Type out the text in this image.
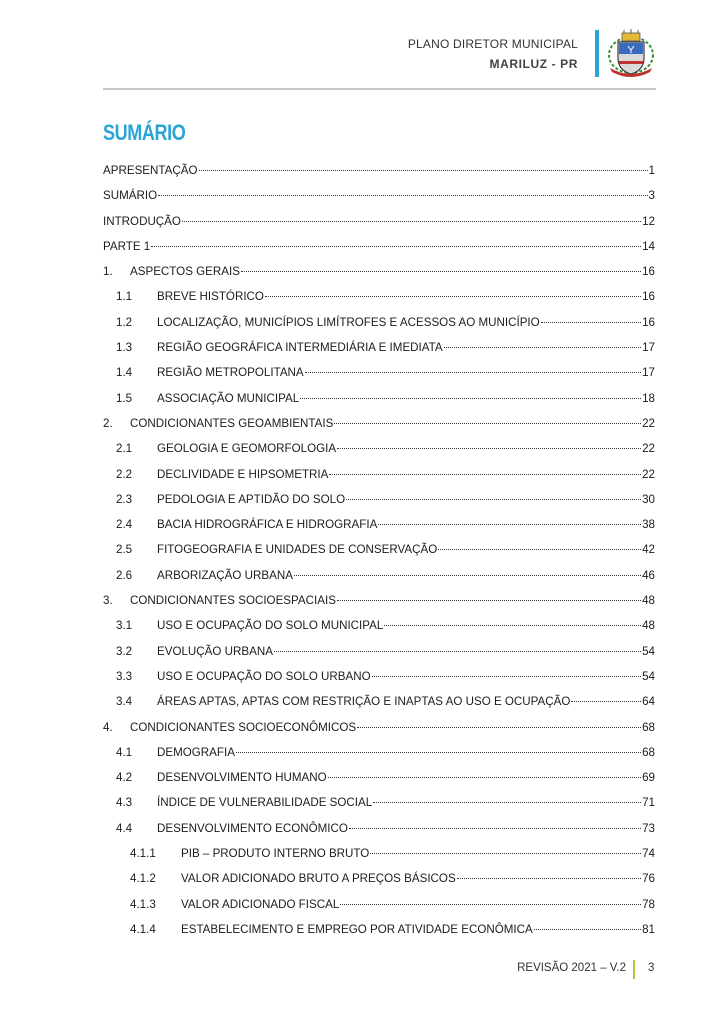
PLANO DIRETOR MUNICIPAL
MARILUZ - PR
SUMÁRIO
APRESENTAÇÃO	1
SUMÁRIO	3
INTRODUÇÃO	12
PARTE 1	14
1.	ASPECTOS GERAIS	16
1.1	BREVE HISTÓRICO	16
1.2	LOCALIZAÇÃO, MUNICÍPIOS LIMÍTROFES E ACESSOS AO MUNICÍPIO	16
1.3	REGIÃO GEOGRÁFICA INTERMEDIÁRIA E IMEDIATA	17
1.4	REGIÃO METROPOLITANA	17
1.5	ASSOCIAÇÃO MUNICIPAL	18
2.	CONDICIONANTES GEOAMBIENTAIS	22
2.1	GEOLOGIA E GEOMORFOLOGIA	22
2.2	DECLIVIDADE E HIPSOMETRIA	22
2.3	PEDOLOGIA E APTIDÃO DO SOLO	30
2.4	BACIA HIDROGRÁFICA E HIDROGRAFIA	38
2.5	FITOGEOGRAFIA E UNIDADES DE CONSERVAÇÃO	42
2.6	ARBORIZAÇÃO URBANA	46
3.	CONDICIONANTES SOCIOESPACIAIS	48
3.1	USO E OCUPAÇÃO DO SOLO MUNICIPAL	48
3.2	EVOLUÇÃO URBANA	54
3.3	USO E OCUPAÇÃO DO SOLO URBANO	54
3.4	ÁREAS APTAS, APTAS COM RESTRIÇÃO E INAPTAS AO USO E OCUPAÇÃO	64
4.	CONDICIONANTES SOCIOECONÔMICOS	68
4.1	DEMOGRAFIA	68
4.2	DESENVOLVIMENTO HUMANO	69
4.3	ÍNDICE DE VULNERABILIDADE SOCIAL	71
4.4	DESENVOLVIMENTO ECONÔMICO	73
4.1.1	PIB – PRODUTO INTERNO BRUTO	74
4.1.2	VALOR ADICIONADO BRUTO A PREÇOS BÁSICOS	76
4.1.3	VALOR ADICIONADO FISCAL	78
4.1.4	ESTABELECIMENTO E EMPREGO POR ATIVIDADE ECONÔMICA	81
REVISÃO 2021 – V.2 3
